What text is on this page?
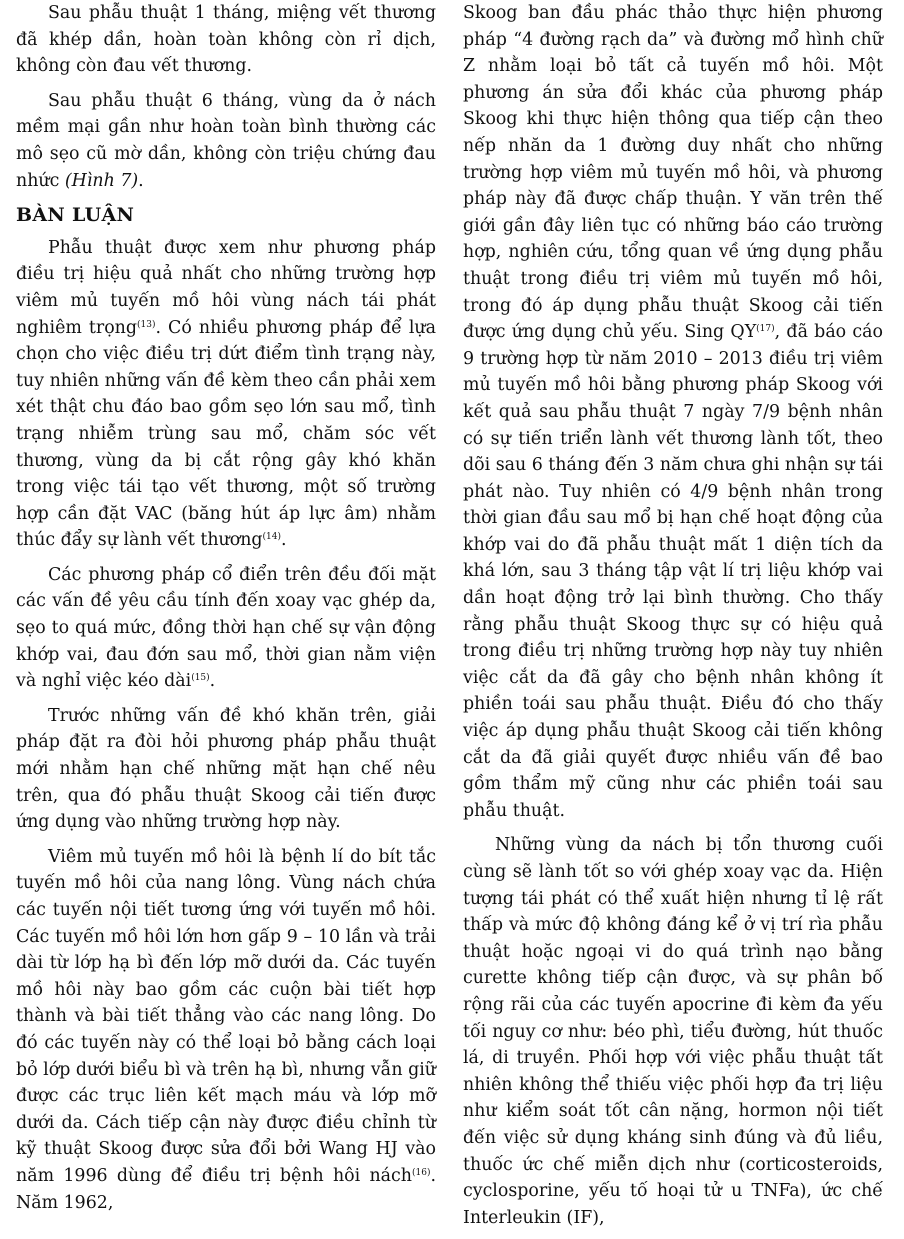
Sau phẫu thuật 1 tháng, miệng vết thương đã khép dần, hoàn toàn không còn rỉ dịch, không còn đau vết thương.

Sau phẫu thuật 6 tháng, vùng da ở nách mềm mại gần như hoàn toàn bình thường các mô sẹo cũ mờ dần, không còn triệu chứng đau nhức (Hình 7).

BÀN LUẬN

Phẫu thuật được xem như phương pháp điều trị hiệu quả nhất cho những trường hợp viêm mủ tuyến mồ hôi vùng nách tái phát nghiêm trọng$^{(13)}$. Có nhiều phương pháp để lựa chọn cho việc điều trị dứt điểm tình trạng này, tuy nhiên những vấn đề kèm theo cần phải xem xét thật chu đáo bao gồm sẹo lớn sau mổ, tình trạng nhiễm trùng sau mổ, chăm sóc vết thương, vùng da bị cắt rộng gây khó khăn trong việc tái tạo vết thương, một số trường hợp cần đặt VAC (băng hút áp lực âm) nhằm thúc đẩy sự lành vết thương$^{(14)}$.

Các phương pháp cổ điển trên đều đối mặt các vấn đề yêu cầu tính đến xoay vạc ghép da, sẹo to quá mức, đồng thời hạn chế sự vận động khớp vai, đau đớn sau mổ, thời gian nằm viện và nghỉ việc kéo dài$^{(15)}$.

Trước những vấn đề khó khăn trên, giải pháp đặt ra đòi hỏi phương pháp phẫu thuật mới nhằm hạn chế những mặt hạn chế nêu trên, qua đó phẫu thuật Skoog cải tiến được ứng dụng vào những trường hợp này.

Viêm mủ tuyến mồ hôi là bệnh lí do bít tắc tuyến mồ hôi của nang lông. Vùng nách chứa các tuyến nội tiết tương ứng với tuyến mồ hôi. Các tuyến mồ hôi lớn hơn gấp 9 – 10 lần và trải dài từ lớp hạ bì đến lớp mỡ dưới da. Các tuyến mồ hôi này bao gồm các cuộn bài tiết hợp thành và bài tiết thẳng vào các nang lông. Do đó các tuyến này có thể loại bỏ bằng cách loại bỏ lớp dưới biểu bì và trên hạ bì, nhưng vẫn giữ được các trục liên kết mạch máu và lớp mỡ dưới da. Cách tiếp cận này được điều chỉnh từ kỹ thuật Skoog được sửa đổi bởi Wang HJ vào năm 1996 dùng để điều trị bệnh hôi nách$^{(16)}$. Năm 1962,

Skoog ban đầu phác thảo thực hiện phương pháp “4 đường rạch da” và đường mổ hình chữ Z nhằm loại bỏ tất cả tuyến mồ hôi. Một phương án sửa đổi khác của phương pháp Skoog khi thực hiện thông qua tiếp cận theo nếp nhăn da 1 đường duy nhất cho những trường hợp viêm mủ tuyến mồ hôi, và phương pháp này đã được chấp thuận. Y văn trên thế giới gần đây liên tục có những báo cáo trường hợp, nghiên cứu, tổng quan về ứng dụng phẫu thuật trong điều trị viêm mủ tuyến mồ hôi, trong đó áp dụng phẫu thuật Skoog cải tiến được ứng dụng chủ yếu. Sing QY$^{(17)}$, đã báo cáo 9 trường hợp từ năm 2010 – 2013 điều trị viêm mủ tuyến mồ hôi bằng phương pháp Skoog với kết quả sau phẫu thuật 7 ngày 7/9 bệnh nhân có sự tiến triển lành vết thương lành tốt, theo dõi sau 6 tháng đến 3 năm chưa ghi nhận sự tái phát nào. Tuy nhiên có 4/9 bệnh nhân trong thời gian đầu sau mổ bị hạn chế hoạt động của khớp vai do đã phẫu thuật mất 1 diện tích da khá lớn, sau 3 tháng tập vật lí trị liệu khớp vai dần hoạt động trở lại bình thường. Cho thấy rằng phẫu thuật Skoog thực sự có hiệu quả trong điều trị những trường hợp này tuy nhiên việc cắt da đã gây cho bệnh nhân không ít phiền toái sau phẫu thuật. Điều đó cho thấy việc áp dụng phẫu thuật Skoog cải tiến không cắt da đã giải quyết được nhiều vấn đề bao gồm thẩm mỹ cũng như các phiền toái sau phẫu thuật.

Những vùng da nách bị tổn thương cuối cùng sẽ lành tốt so với ghép xoay vạc da. Hiện tượng tái phát có thể xuất hiện nhưng tỉ lệ rất thấp và mức độ không đáng kể ở vị trí rìa phẫu thuật hoặc ngoại vi do quá trình nạo bằng curette không tiếp cận được, và sự phân bố rộng rãi của các tuyến apocrine đi kèm đa yếu tối nguy cơ như: béo phì, tiểu đường, hút thuốc lá, di truyền. Phối hợp với việc phẫu thuật tất nhiên không thể thiếu việc phối hợp đa trị liệu như kiểm soát tốt cân nặng, hormon nội tiết đến việc sử dụng kháng sinh đúng và đủ liều, thuốc ức chế miễn dịch như (corticosteroids, cyclosporine, yếu tố hoại tử u TNFa), ức chế Interleukin (IF),
